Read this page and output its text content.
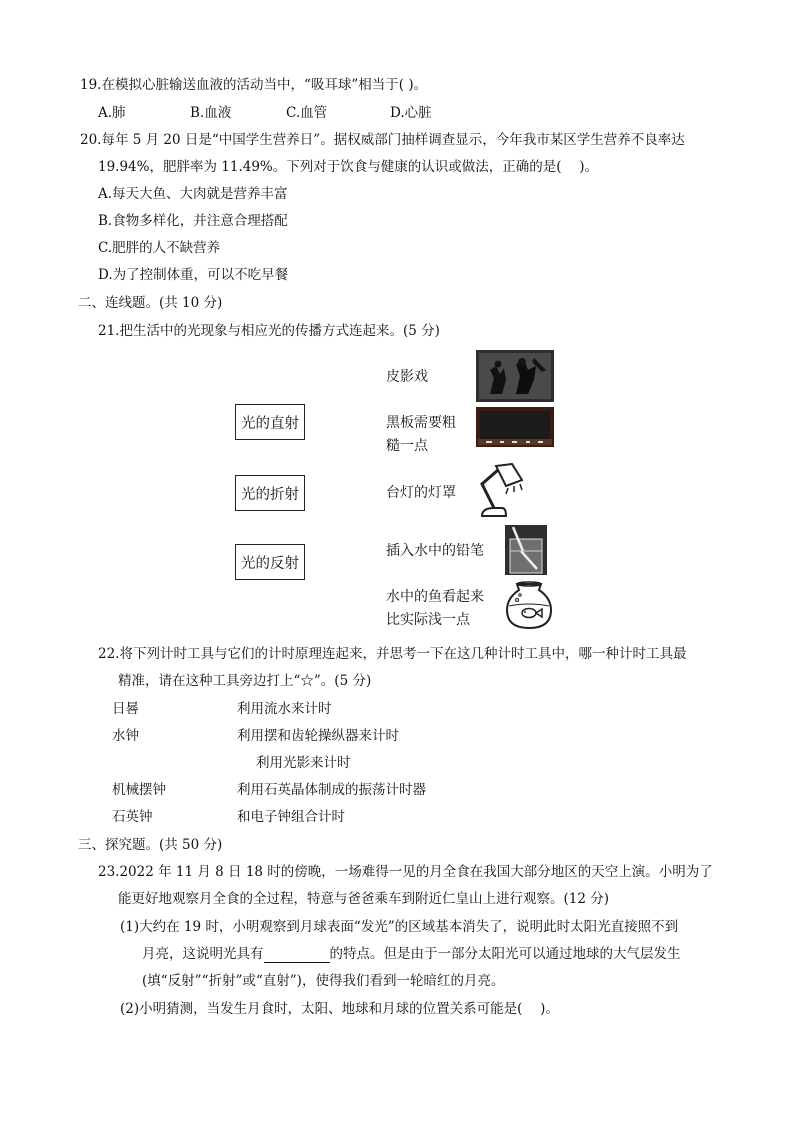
19.在模拟心脏输送血液的活动当中，“吸耳球”相当于( )。
A.肺	B.血液	C.血管	D.心脏
20.每年 5 月 20 日是“中国学生营养日”。据权威部门抽样调查显示，今年我市某区学生营养不良率达
19.94%，肥胖率为 11.49%。下列对于饮食与健康的认识或做法，正确的是(　 )。
A.每天大鱼、大肉就是营养丰富
B.食物多样化，并注意合理搭配
C.肥胖的人不缺营养
D.为了控制体重，可以不吃早餐
二、连线题。(共 10 分)
21.把生活中的光现象与相应光的传播方式连起来。(5 分)
光的直射
光的折射
光的反射
皮影戏
黑板需要粗
糙一点
台灯的灯罩
插入水中的铅笔
水中的鱼看起来
比实际浅一点
22.将下列计时工具与它们的计时原理连起来，并思考一下在这几种计时工具中，哪一种计时工具最
精准，请在这种工具旁边打上“☆”。(5 分)
日晷
水钟
机械摆钟
石英钟
利用流水来计时
利用摆和齿轮操纵器来计时
利用光影来计时
利用石英晶体制成的振荡计时器
和电子钟组合计时
三、探究题。(共 50 分)
23.2022 年 11 月 8 日 18 时的傍晚，一场难得一见的月全食在我国大部分地区的天空上演。小明为了
能更好地观察月全食的全过程，特意与爸爸乘车到附近仁皇山上进行观察。(12 分)
(1)大约在 19 时，小明观察到月球表面“发光”的区域基本消失了，说明此时太阳光直接照不到
月亮，这说明光具有	的特点。但是由于一部分太阳光可以通过地球的大气层发生
(填“反射”“折射”或“直射”)，使得我们看到一轮暗红的月亮。
(2)小明猜测，当发生月食时，太阳、地球和月球的位置关系可能是(　 )。
